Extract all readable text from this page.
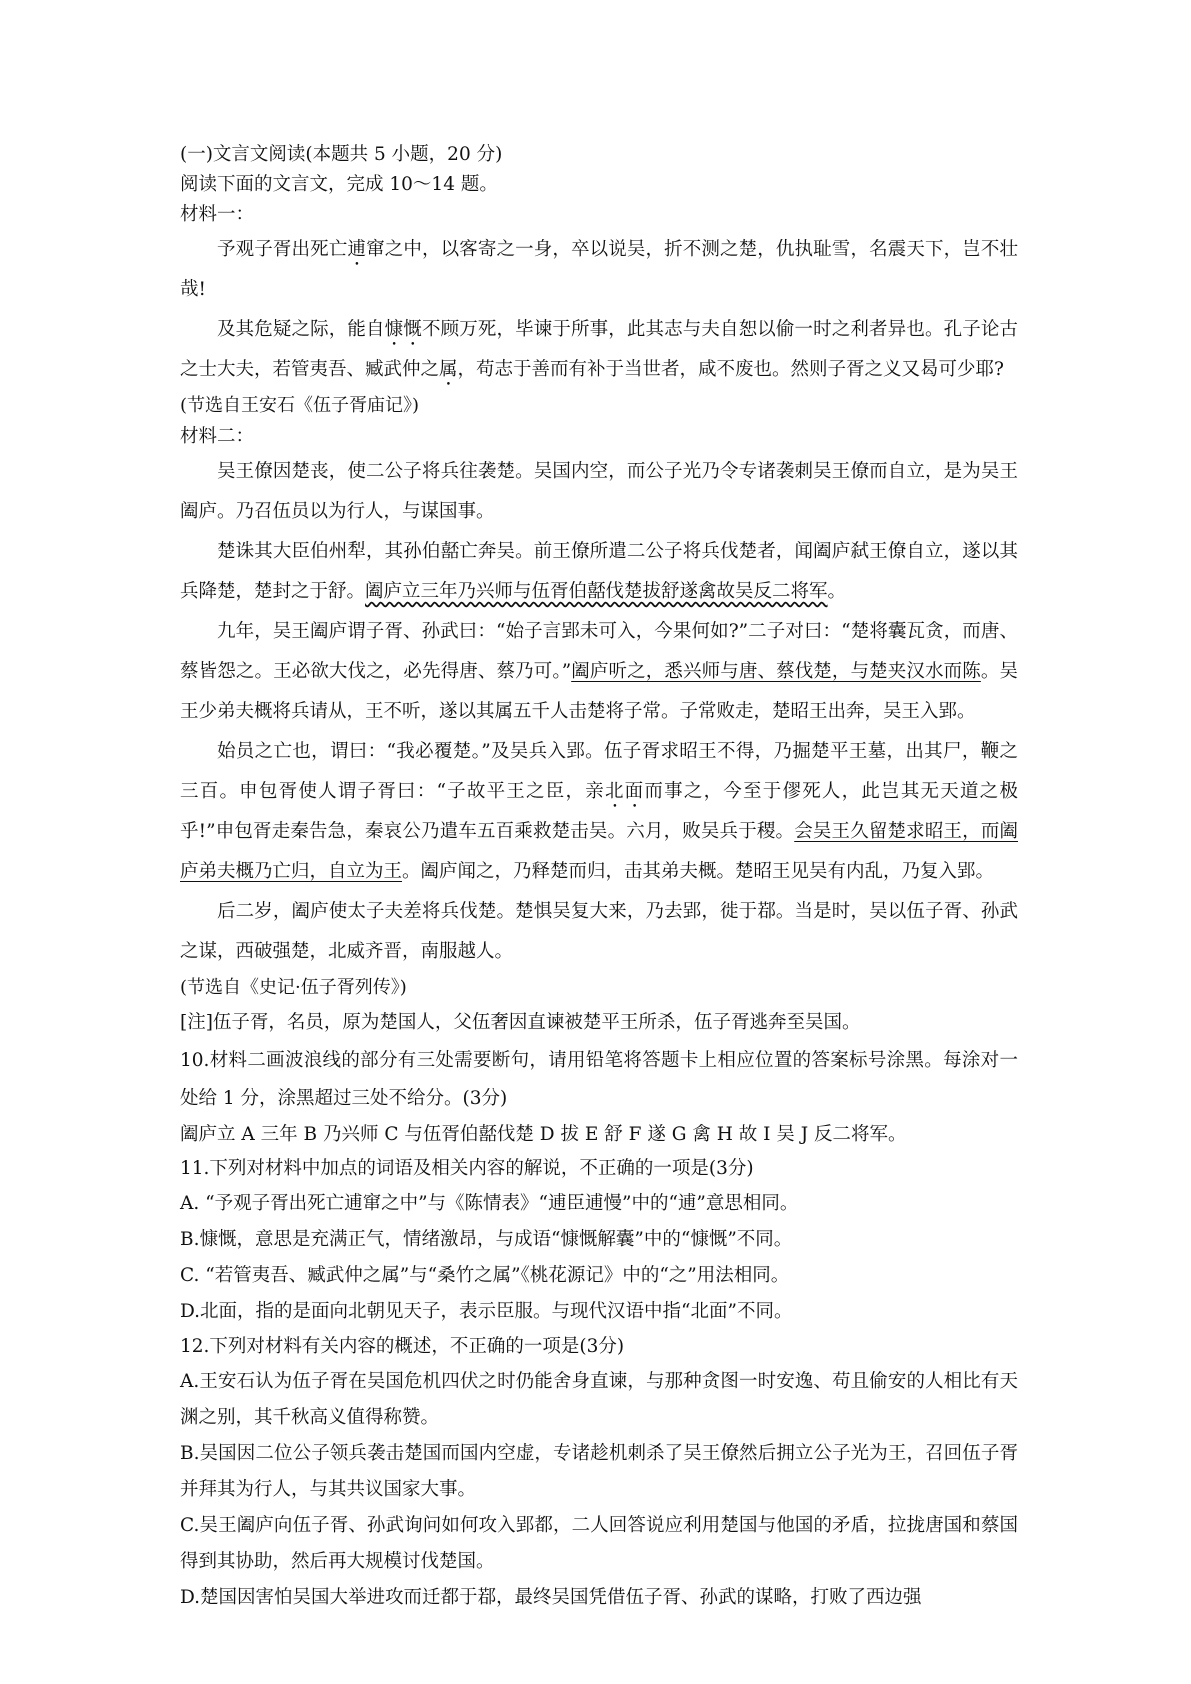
(一)文言文阅读(本题共 5 小题，20 分)

阅读下面的文言文，完成 10～14 题。

材料一：

予观子胥出死亡逋窜之中，以客寄之一身，卒以说吴，折不测之楚，仇执耻雪，名震天下，岂不壮哉!

及其危疑之际，能自慷慨不顾万死，毕谏于所事，此其志与夫自恕以偷一时之利者异也。孔子论古之士大夫，若管夷吾、臧武仲之属，苟志于善而有补于当世者，咸不废也。然则子胥之义又曷可少耶?

(节选自王安石《伍子胥庙记》)

材料二：

吴王僚因楚丧，使二公子将兵往袭楚。吴国内空，而公子光乃令专诸袭刺吴王僚而自立，是为吴王阖庐。乃召伍员以为行人，与谋国事。

楚诛其大臣伯州犁，其孙伯嚭亡奔吴。前王僚所遣二公子将兵伐楚者，闻阖庐弑王僚自立，遂以其兵降楚，楚封之于舒。阖庐立三年乃兴师与伍胥伯嚭伐楚拔舒遂禽故吴反二将军。

九年，吴王阖庐谓子胥、孙武曰：“始子言郢未可入，今果何如?”二子对曰：“楚将囊瓦贪，而唐、蔡皆怨之。王必欲大伐之，必先得唐、蔡乃可。”阖庐听之，悉兴师与唐、蔡伐楚，与楚夹汉水而陈。吴王少弟夫概将兵请从，王不听，遂以其属五千人击楚将子常。子常败走，楚昭王出奔，吴王入郢。

始员之亡也，谓曰：“我必覆楚。”及吴兵入郢。伍子胥求昭王不得，乃掘楚平王墓，出其尸，鞭之三百。申包胥使人谓子胥曰：“子故平王之臣，亲北面而事之，今至于僇死人，此岂其无天道之极乎!”申包胥走秦告急，秦哀公乃遣车五百乘救楚击吴。六月，败吴兵于稷。会吴王久留楚求昭王，而阖庐弟夫概乃亡归，自立为王。阖庐闻之，乃释楚而归，击其弟夫概。楚昭王见吴有内乱，乃复入郢。

后二岁，阖庐使太子夫差将兵伐楚。楚惧吴复大来，乃去郢，徙于鄀。当是时，吴以伍子胥、孙武之谋，西破强楚，北威齐晋，南服越人。

(节选自《史记·伍子胥列传》)

[注]伍子胥，名员，原为楚国人，父伍奢因直谏被楚平王所杀，伍子胥逃奔至吴国。

10.材料二画波浪线的部分有三处需要断句，请用铅笔将答题卡上相应位置的答案标号涂黑。每涂对一处给 1 分，涂黑超过三处不给分。(3分)

阖庐立 A 三年 B 乃兴师 C 与伍胥伯嚭伐楚 D 拔 E 舒 F 遂 G 禽 H 故 I 吴 J 反二将军。

11.下列对材料中加点的词语及相关内容的解说，不正确的一项是(3分)

A. “予观子胥出死亡逋窜之中”与《陈情表》“逋臣逋慢”中的“逋”意思相同。

B.慷慨，意思是充满正气，情绪激昂，与成语“慷慨解囊”中的“慷慨”不同。

C. “若管夷吾、臧武仲之属”与“桑竹之属”《桃花源记》中的“之”用法相同。

D.北面，指的是面向北朝见天子，表示臣服。与现代汉语中指“北面”不同。

12.下列对材料有关内容的概述，不正确的一项是(3分)

A.王安石认为伍子胥在吴国危机四伏之时仍能舍身直谏，与那种贪图一时安逸、苟且偷安的人相比有天渊之别，其千秋高义值得称赞。

B.吴国因二位公子领兵袭击楚国而国内空虚，专诸趁机刺杀了吴王僚然后拥立公子光为王，召回伍子胥并拜其为行人，与其共议国家大事。

C.吴王阖庐向伍子胥、孙武询问如何攻入郢都，二人回答说应利用楚国与他国的矛盾，拉拢唐国和蔡国得到其协助，然后再大规模讨伐楚国。

D.楚国因害怕吴国大举进攻而迁都于鄀，最终吴国凭借伍子胥、孙武的谋略，打败了西边强
